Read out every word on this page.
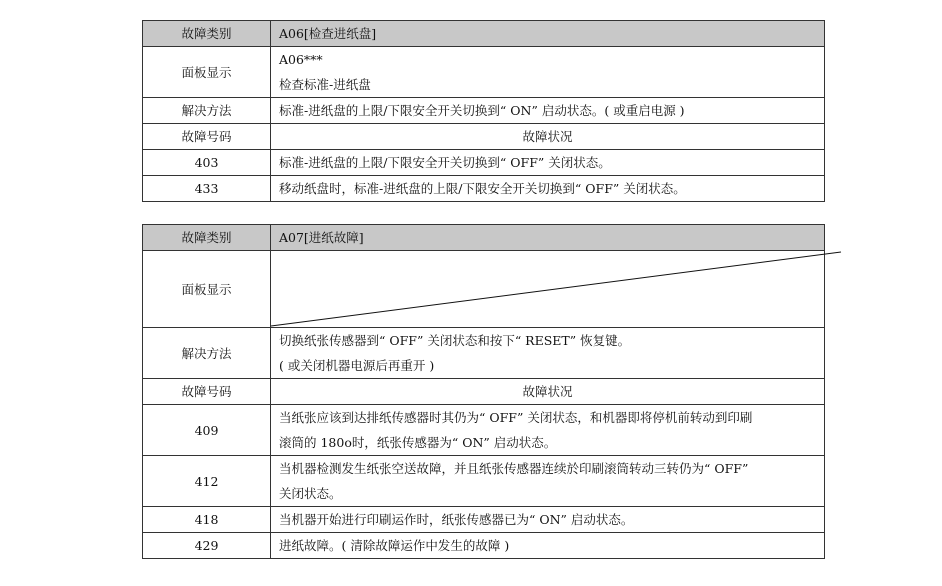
故障类别	A06[检查进纸盘]
面板显示	A06***
检查标准-进纸盘

解决方法	标准-进纸盘的上限/下限安全开关切换到“ ON” 启动状态。( 或重启电源 )
故障号码	故障状况
403	标准-进纸盘的上限/下限安全开关切换到“ OFF” 关闭状态。
433	移动纸盘时，标准-进纸盘的上限/下限安全开关切换到“ OFF” 关闭状态。
故障类别	A07[进纸故障]
面板显示	

解决方法	切换纸张传感器到“ OFF” 关闭状态和按下“ RESET” 恢复键。
( 或关闭机器电源后再重开 )

故障号码	故障状况
409	当纸张应该到达排纸传感器时其仍为“ OFF” 关闭状态，和机器即将停机前转动到印刷
滚筒的 180o时，纸张传感器为“ ON” 启动状态。

412	当机器检测发生纸张空送故障，并且纸张传感器连续於印刷滚筒转动三转仍为“ OFF”
关闭状态。

418	当机器开始进行印刷运作时，纸张传感器已为“ ON” 启动状态。
429	进纸故障。( 清除故障运作中发生的故障 )
